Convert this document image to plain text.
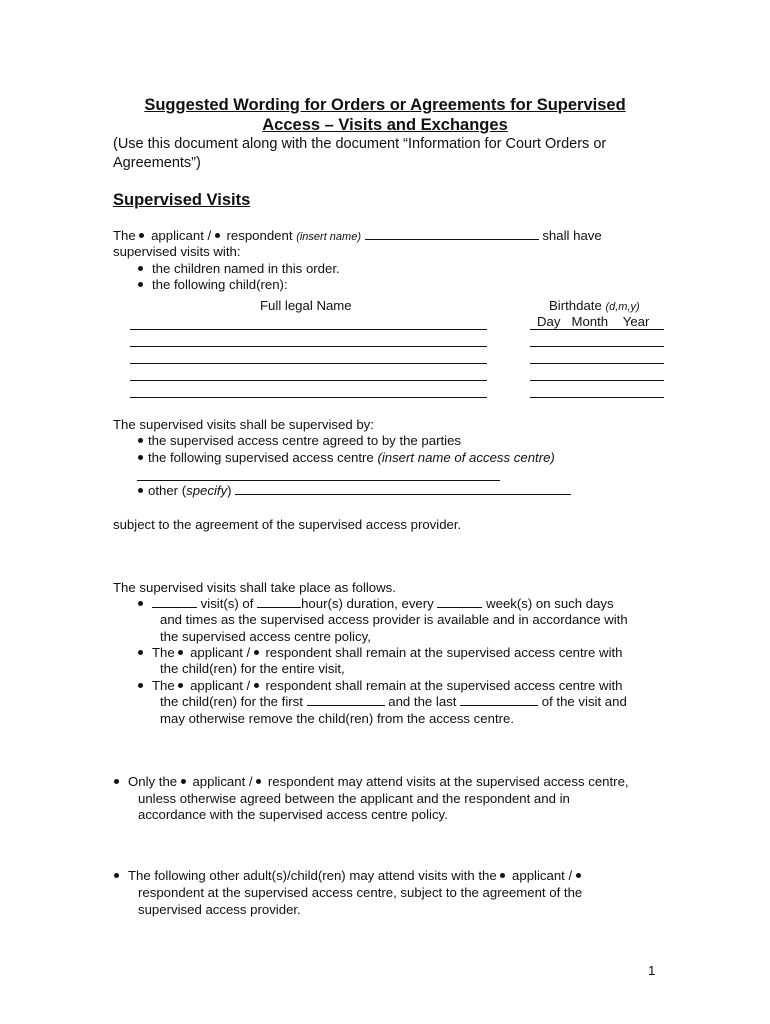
Suggested Wording for Orders or Agreements for Supervised
Access – Visits and Exchanges
(Use this document along with the document “Information for Court Orders or
Agreements”)
Supervised Visits
The  applicant /  respondent (insert name)	shall have
supervised visits with:
the children named in this order.
the following child(ren):
Full legal Name	Birthdate (d,m,y)
Day Month Year
The supervised visits shall be supervised by:
the supervised access centre agreed to by the parties
the following supervised access centre (insert name of access centre)
other (specify)
subject to the agreement of the supervised access provider.
The supervised visits shall take place as follows.
visit(s) of	hour(s) duration, every	week(s) on such days
and times as the supervised access provider is available and in accordance with
the supervised access centre policy,
The  applicant /  respondent shall remain at the supervised access centre with
the child(ren) for the entire visit,
The  applicant /  respondent shall remain at the supervised access centre with
the child(ren) for the first	and the last	of the visit and
may otherwise remove the child(ren) from the access centre.
Only the  applicant /  respondent may attend visits at the supervised access centre,
unless otherwise agreed between the applicant and the respondent and in
accordance with the supervised access centre policy.
The following other adult(s)/child(ren) may attend visits with the  applicant /
respondent at the supervised access centre, subject to the agreement of the
supervised access provider.
1
